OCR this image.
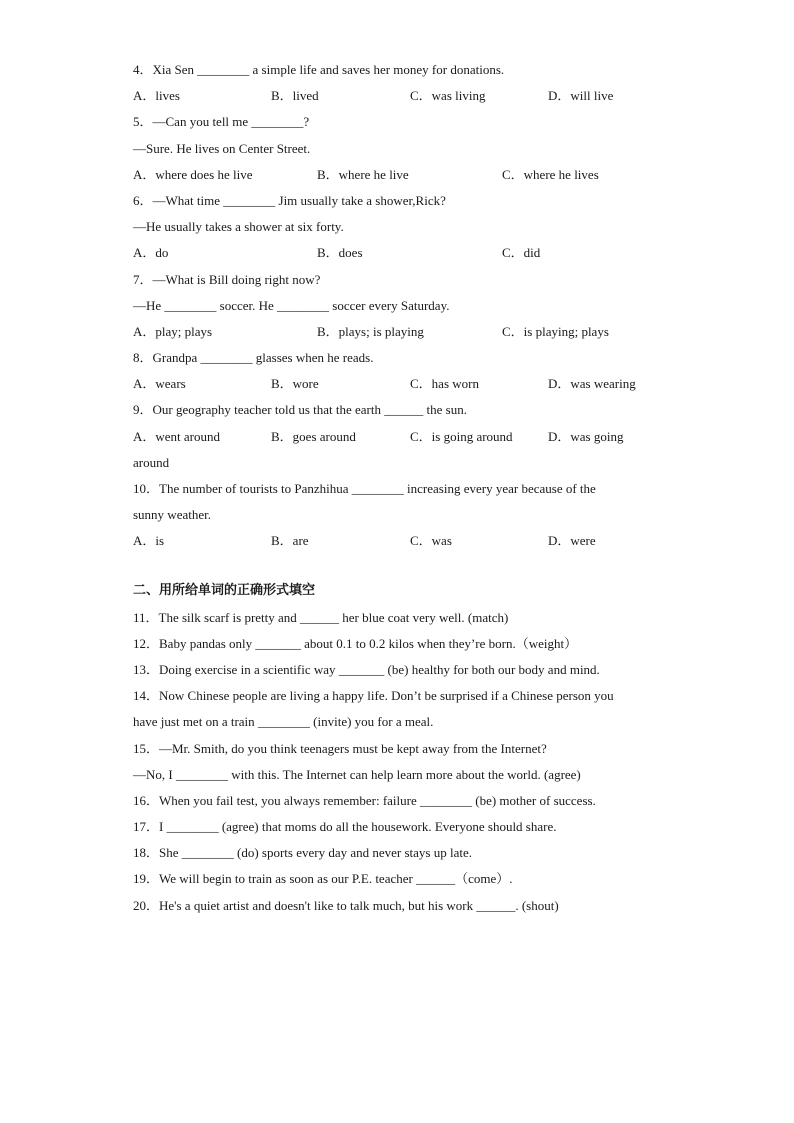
4．Xia Sen ________ a simple life and saves her money for donations.
A．lives	B．lived	C．was living	D．will live
5．—Can you tell me ________?
—Sure. He lives on Center Street.
A．where does he live	B．where he live	C．where he lives
6．—What time ________ Jim usually take a shower,Rick?
—He usually takes a shower at six forty.
A．do	B．does	C．did
7．—What is Bill doing right now?
—He ________ soccer. He ________ soccer every Saturday.
A．play; plays	B．plays; is playing	C．is playing; plays
8．Grandpa ________ glasses when he reads.
A．wears	B．wore	C．has worn	D．was wearing
9．Our geography teacher told us that the earth ______ the sun.
A．went around	B．goes around	C．is going around	D．was going
around
10．The number of tourists to Panzhihua ________ increasing every year because of the
sunny weather.
A．is	B．are	C．was	D．were
二、用所给单词的正确形式填空
11．The silk scarf is pretty and ______ her blue coat very well. (match)
12．Baby pandas only _______ about 0.1 to 0.2 kilos when they’re born.（weight）
13．Doing exercise in a scientific way _______ (be) healthy for both our body and mind.
14．Now Chinese people are living a happy life. Don’t be surprised if a Chinese person you
have just met on a train ________ (invite) you for a meal.
15．—Mr. Smith, do you think teenagers must be kept away from the Internet?
—No, I ________ with this. The Internet can help learn more about the world. (agree)
16．When you fail test, you always remember: failure ________ (be) mother of success.
17．I ________ (agree) that moms do all the housework. Everyone should share.
18．She ________ (do) sports every day and never stays up late.
19．We will begin to train as soon as our P.E. teacher ______（come）.
20．He's a quiet artist and doesn't like to talk much, but his work ______. (shout)
